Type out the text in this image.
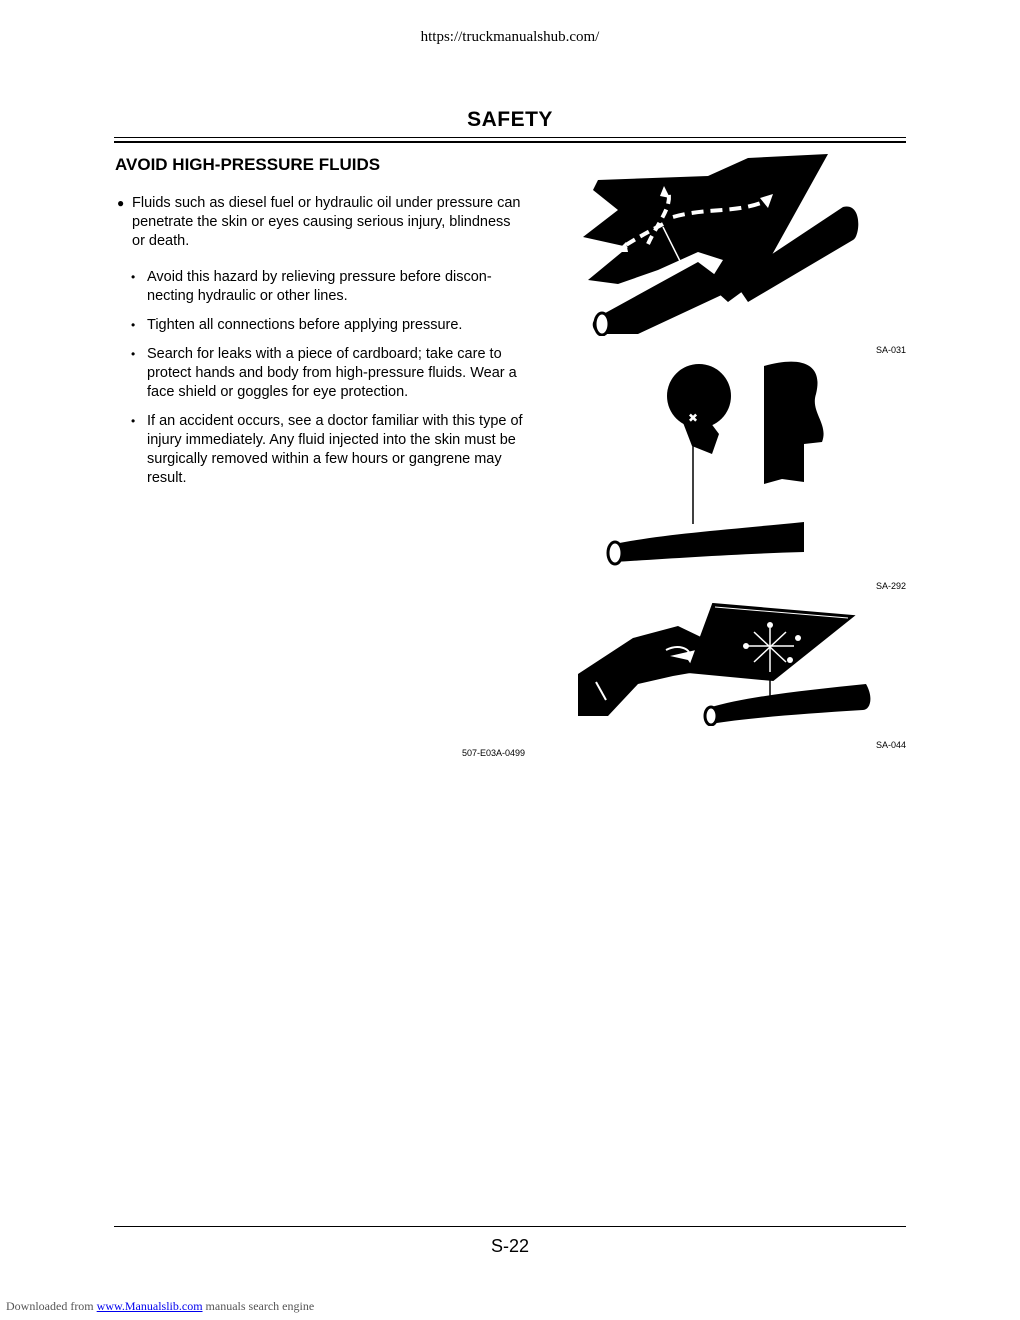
https://truckmanualshub.com/
SAFETY
AVOID HIGH-PRESSURE FLUIDS
● Fluids such as diesel fuel or hydraulic oil under pressure can penetrate the skin or eyes causing serious injury, blindness or death.
• Avoid this hazard by relieving pressure before discon-necting hydraulic or other lines.
• Tighten all connections before applying pressure.
• Search for leaks with a piece of cardboard; take care to protect hands and body from high-pressure fluids. Wear a face shield or goggles for eye protection.
• If an accident occurs, see a doctor familiar with this type of injury immediately. Any fluid injected into the skin must be surgically removed within a few hours or gangrene may result.
SA-031
✖
SA-292
SA-044
507-E03A-0499
S-22
Downloaded from www.Manualslib.com manuals search engine
